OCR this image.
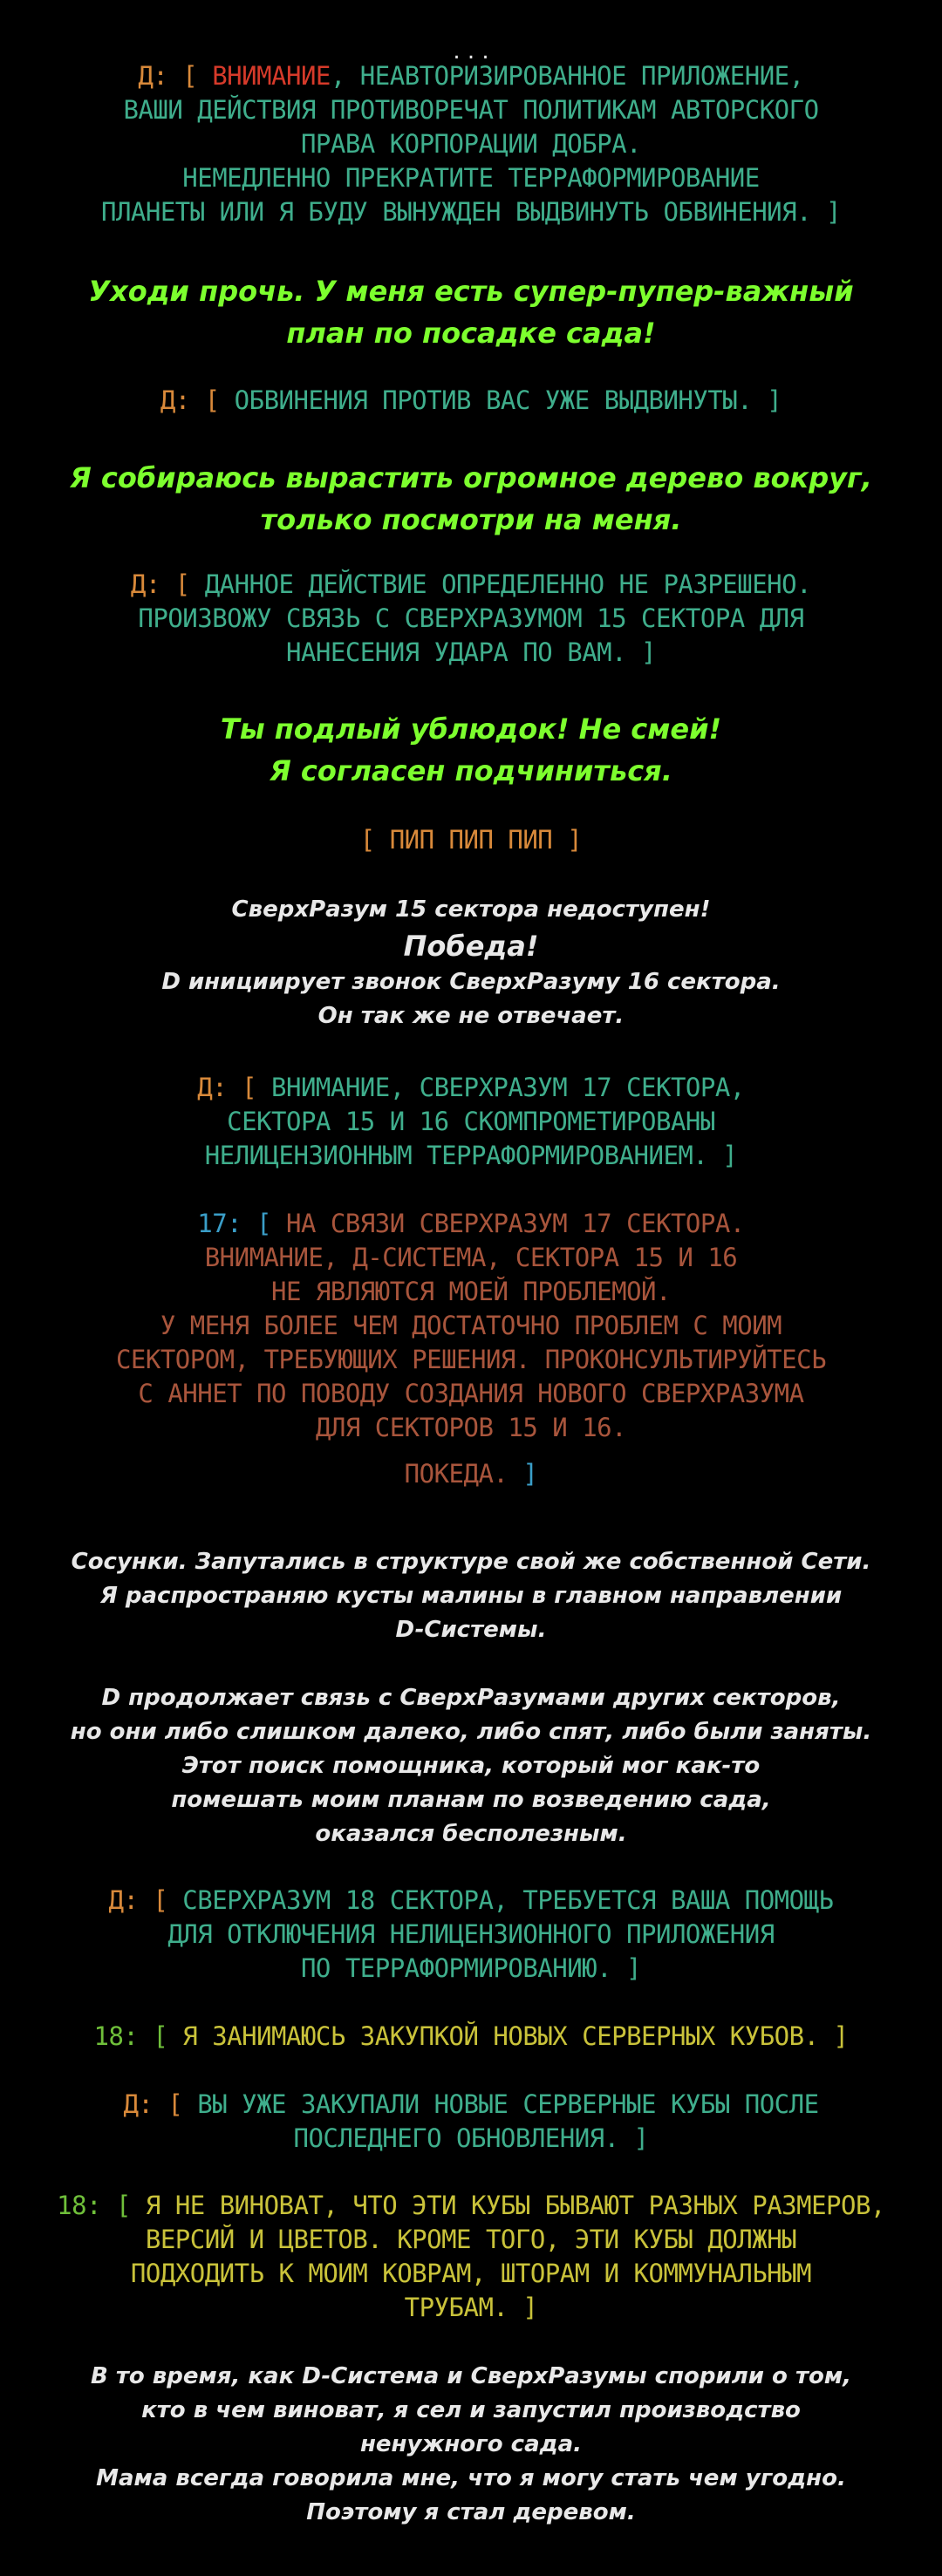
. . .
Д: [ ВНИМАНИЕ, НЕАВТОРИЗИРОВАННОЕ ПРИЛОЖЕНИЕ,
ВАШИ ДЕЙСТВИЯ ПРОТИВОРЕЧАТ ПОЛИТИКАМ АВТОРСКОГО
ПРАВА КОРПОРАЦИИ ДОБРА.
НЕМЕДЛЕННО ПРЕКРАТИТЕ ТЕРРАФОРМИРОВАНИЕ
ПЛАНЕТЫ ИЛИ Я БУДУ ВЫНУЖДЕН ВЫДВИНУТЬ ОБВИНЕНИЯ. ]
Уходи прочь. У меня есть супер-пупер-важный
план по посадке сада!
Д: [ ОБВИНЕНИЯ ПРОТИВ ВАС УЖЕ ВЫДВИНУТЫ. ]
Я собираюсь вырастить огромное дерево вокруг,
только посмотри на меня.
Д: [ ДАННОЕ ДЕЙСТВИЕ ОПРЕДЕЛЕННО НЕ РАЗРЕШЕНО.
ПРОИЗВОЖУ СВЯЗЬ С СВЕРХРАЗУМОМ 15 СЕКТОРА ДЛЯ
НАНЕСЕНИЯ УДАРА ПО ВАМ. ]
Ты подлый ублюдок! Не смей!
Я согласен подчиниться.
[ ПИП ПИП ПИП ]
СверхРазум 15 сектора недоступен!
Победа!
D инициирует звонок СверхРазуму 16 сектора.
Он так же не отвечает.
Д: [ ВНИМАНИЕ, СВЕРХРАЗУМ 17 СЕКТОРА,
СЕКТОРА 15 И 16 СКОМПРОМЕТИРОВАНЫ
НЕЛИЦЕНЗИОННЫМ ТЕРРАФОРМИРОВАНИЕМ. ]
17: [ НА СВЯЗИ СВЕРХРАЗУМ 17 СЕКТОРА.
ВНИМАНИЕ, Д-СИСТЕМА, СЕКТОРА 15 И 16
НЕ ЯВЛЯЮТСЯ МОЕЙ ПРОБЛЕМОЙ.
У МЕНЯ БОЛЕЕ ЧЕМ ДОСТАТОЧНО ПРОБЛЕМ С МОИМ
СЕКТОРОМ, ТРЕБУЮЩИХ РЕШЕНИЯ. ПРОКОНСУЛЬТИРУЙТЕСЬ
С АННЕТ ПО ПОВОДУ СОЗДАНИЯ НОВОГО СВЕРХРАЗУМА
ДЛЯ СЕКТОРОВ 15 И 16.
ПОКЕДА. ]
Сосунки. Запутались в структуре свой же собственной Сети.
Я распространяю кусты малины в главном направлении
D-Системы.
D продолжает связь с СверхРазумами других секторов,
но они либо слишком далеко, либо спят, либо были заняты.
Этот поиск помощника, который мог как-то
помешать моим планам по возведению сада,
оказался бесполезным.
Д: [ СВЕРХРАЗУМ 18 СЕКТОРА, ТРЕБУЕТСЯ ВАША ПОМОЩЬ
ДЛЯ ОТКЛЮЧЕНИЯ НЕЛИЦЕНЗИОННОГО ПРИЛОЖЕНИЯ
ПО ТЕРРАФОРМИРОВАНИЮ. ]
18: [ Я ЗАНИМАЮСЬ ЗАКУПКОЙ НОВЫХ СЕРВЕРНЫХ КУБОВ. ]
Д: [ ВЫ УЖЕ ЗАКУПАЛИ НОВЫЕ СЕРВЕРНЫЕ КУБЫ ПОСЛЕ
ПОСЛЕДНЕГО ОБНОВЛЕНИЯ. ]
18: [ Я НЕ ВИНОВАТ, ЧТО ЭТИ КУБЫ БЫВАЮТ РАЗНЫХ РАЗМЕРОВ,
ВЕРСИЙ И ЦВЕТОВ. КРОМЕ ТОГО, ЭТИ КУБЫ ДОЛЖНЫ
ПОДХОДИТЬ К МОИМ КОВРАМ, ШТОРАМ И КОММУНАЛЬНЫМ
ТРУБАМ. ]
В то время, как D-Система и СверхРазумы спорили о том,
кто в чем виноват, я сел и запустил производство
ненужного сада.
Мама всегда говорила мне, что я могу стать чем угодно.
Поэтому я стал деревом.
